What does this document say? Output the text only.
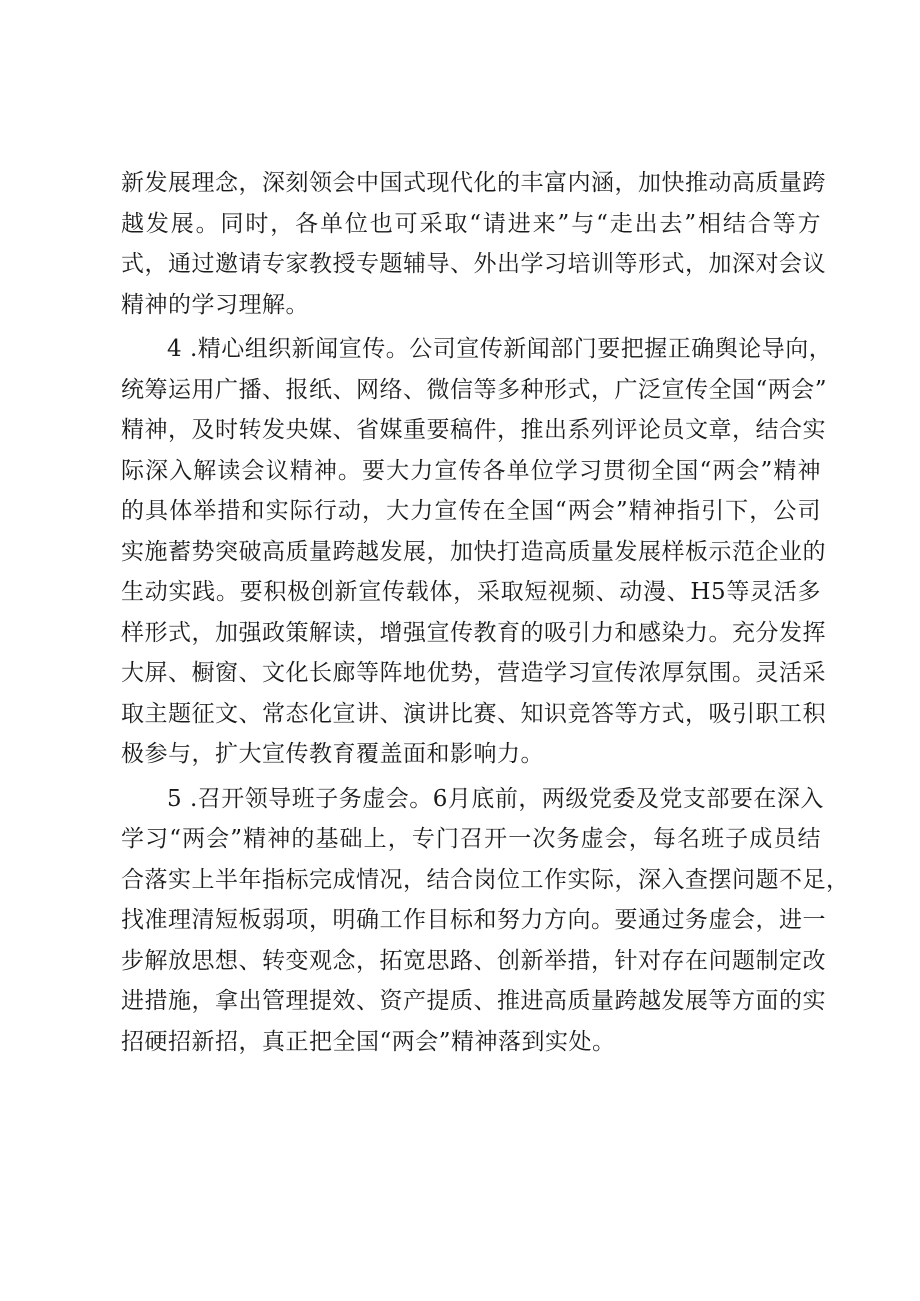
新发展理念，深刻领会中国式现代化的丰富内涵，加快推动高质量跨
越发展。同时，各单位也可采取“请进来”与“走出去”相结合等方
式，通过邀请专家教授专题辅导、外出学习培训等形式，加深对会议
精神的学习理解。
4 .精心组织新闻宣传。公司宣传新闻部门要把握正确舆论导向，
统筹运用广播、报纸、网络、微信等多种形式，广泛宣传全国“两会”
精神，及时转发央媒、省媒重要稿件，推出系列评论员文章，结合实
际深入解读会议精神。要大力宣传各单位学习贯彻全国“两会”精神
的具体举措和实际行动，大力宣传在全国“两会”精神指引下，公司
实施蓄势突破高质量跨越发展，加快打造高质量发展样板示范企业的
生动实践。要积极创新宣传载体，采取短视频、动漫、H5等灵活多
样形式，加强政策解读，增强宣传教育的吸引力和感染力。充分发挥
大屏、橱窗、文化长廊等阵地优势，营造学习宣传浓厚氛围。灵活采
取主题征文、常态化宣讲、演讲比赛、知识竞答等方式，吸引职工积
极参与，扩大宣传教育覆盖面和影响力。
5 .召开领导班子务虚会。6月底前，两级党委及党支部要在深入
学习“两会”精神的基础上，专门召开一次务虚会，每名班子成员结
合落实上半年指标完成情况，结合岗位工作实际，深入查摆问题不足，
找准理清短板弱项，明确工作目标和努力方向。要通过务虚会，进一
步解放思想、转变观念，拓宽思路、创新举措，针对存在问题制定改
进措施，拿出管理提效、资产提质、推进高质量跨越发展等方面的实
招硬招新招，真正把全国“两会”精神落到实处。
